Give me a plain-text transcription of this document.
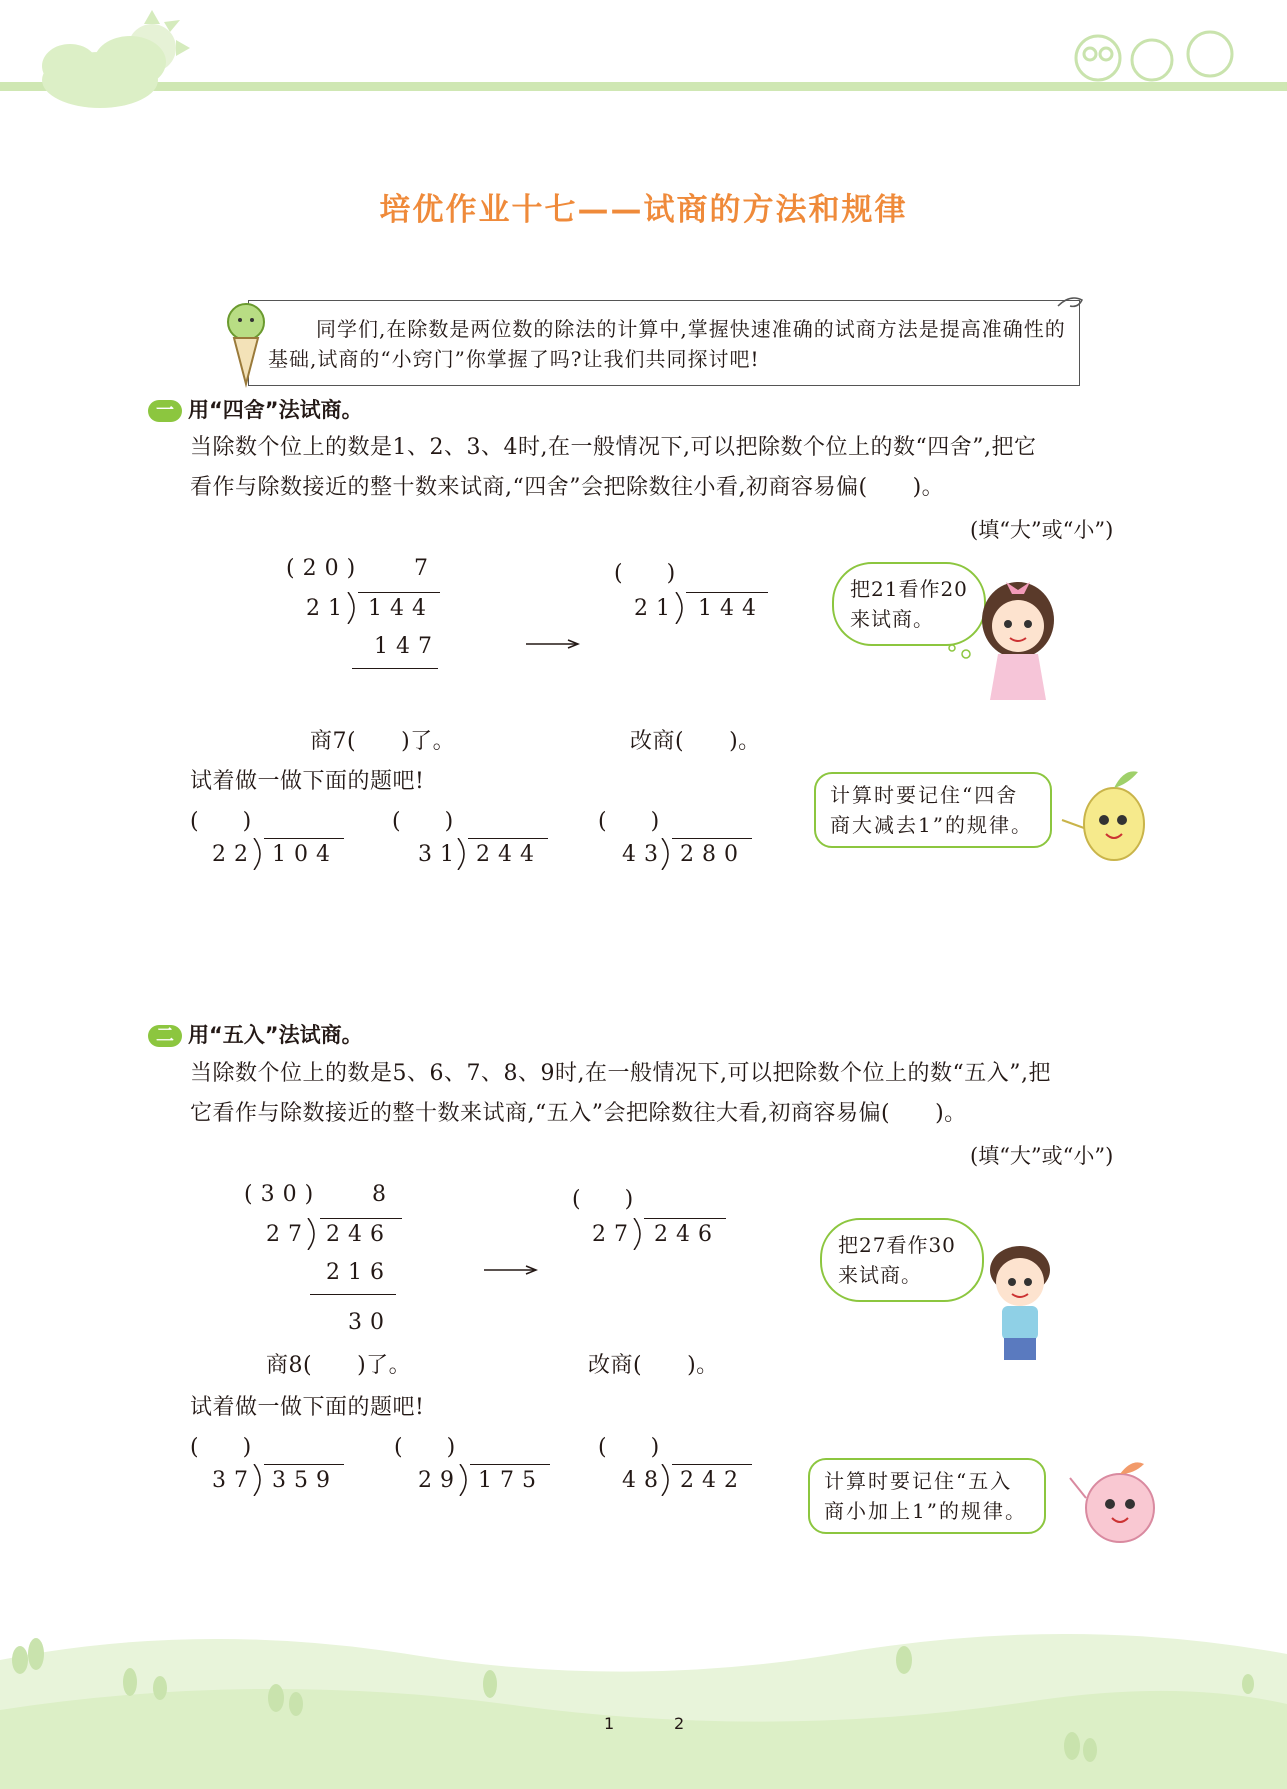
培优作业十七——试商的方法和规律
同学们,在除数是两位数的除法的计算中,掌握快速准确的试商方法是提高准确性的基础,试商的“小窍门”你掌握了吗?让我们共同探讨吧!
一 用“四舍”法试商。
当除数个位上的数是1、2、3、4时,在一般情况下,可以把除数个位上的数“四舍”,把它
看作与除数接近的整十数来试商,“四舍”会把除数往小看,初商容易偏(　　)。
(填“大”或“小”)
(20) 7
21 144
147
(　　)
21 144
商7(　　)了。	改商(　　)。
把21看作20来试商。
试着做一做下面的题吧!
(　　)
22 104
(　　)
31 244
(　　)
43 280
计算时要记住“四舍商大减去1”的规律。
二 用“五入”法试商。
当除数个位上的数是5、6、7、8、9时,在一般情况下,可以把除数个位上的数“五入”,把
它看作与除数接近的整十数来试商,“五入”会把除数往大看,初商容易偏(　　)。
(填“大”或“小”)
(30) 8
27 246
216
30
(　　)
27 246
商8(　　)了。	改商(　　)。
把27看作30来试商。
试着做一做下面的题吧!
(　　)
37 359
(　　)
29 175
(　　)
48 242	计算时要记住“五入商小加上1”的规律。
1	2
